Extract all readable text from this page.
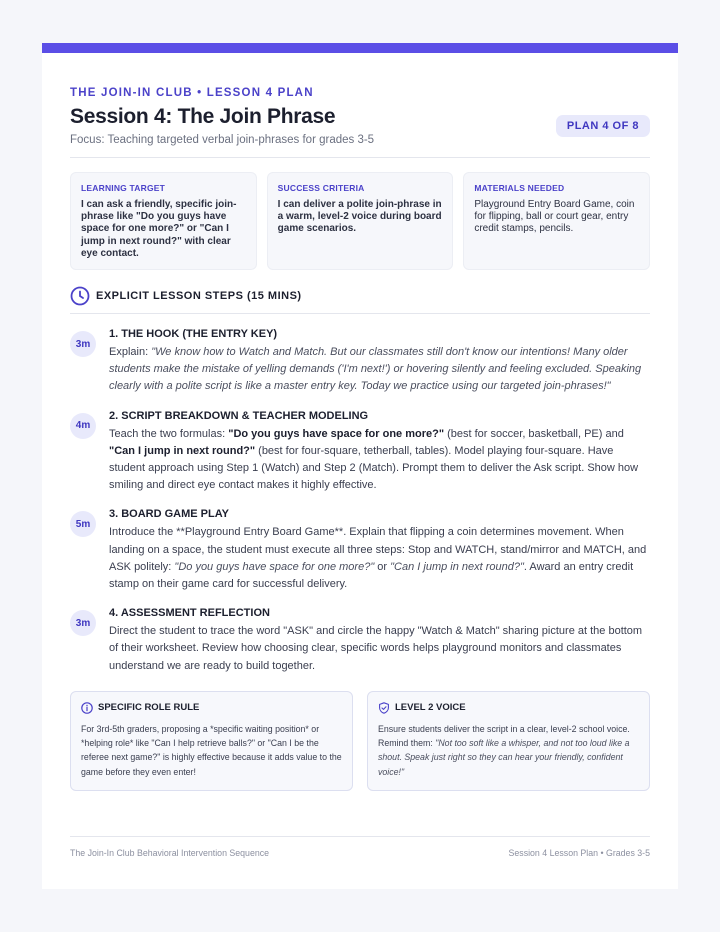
THE JOIN-IN CLUB • LESSON 4 PLAN
PLAN 4 OF 8
Session 4: The Join Phrase
Focus: Teaching targeted verbal join-phrases for grades 3-5
LEARNING TARGET
I can ask a friendly, specific join-phrase like "Do you guys have space for one more?" or "Can I jump in next round?" with clear eye contact.
SUCCESS CRITERIA
I can deliver a polite join-phrase in a warm, level-2 voice during board game scenarios.
MATERIALS NEEDED
Playground Entry Board Game, coin for flipping, ball or court gear, entry credit stamps, pencils.
EXPLICIT LESSON STEPS (15 MINS)
3m
1. THE HOOK (THE ENTRY KEY)
Explain: "We know how to Watch and Match. But our classmates still don't know our intentions! Many older students make the mistake of yelling demands ('I'm next!') or hovering silently and feeling excluded. Speaking clearly with a polite script is like a master entry key. Today we practice using our targeted join-phrases!"
4m
2. SCRIPT BREAKDOWN & TEACHER MODELING
Teach the two formulas: "Do you guys have space for one more?" (best for soccer, basketball, PE) and "Can I jump in next round?" (best for four-square, tetherball, tables). Model playing four-square. Have student approach using Step 1 (Watch) and Step 2 (Match). Prompt them to deliver the Ask script. Show how smiling and direct eye contact makes it highly effective.
5m
3. BOARD GAME PLAY
Introduce the **Playground Entry Board Game**. Explain that flipping a coin determines movement. When landing on a space, the student must execute all three steps: Stop and WATCH, stand/mirror and MATCH, and ASK politely: "Do you guys have space for one more?" or "Can I jump in next round?". Award an entry credit stamp on their game card for successful delivery.
3m
4. ASSESSMENT REFLECTION
Direct the student to trace the word "ASK" and circle the happy "Watch & Match" sharing picture at the bottom of their worksheet. Review how choosing clear, specific words helps playground monitors and classmates understand we are ready to build together.
SPECIFIC ROLE RULE
For 3rd-5th graders, proposing a *specific waiting position* or *helping role* like "Can I help retrieve balls?" or "Can I be the referee next game?" is highly effective because it adds value to the game before they even enter!
LEVEL 2 VOICE
Ensure students deliver the script in a clear, level-2 school voice. Remind them: "Not too soft like a whisper, and not too loud like a shout. Speak just right so they can hear your friendly, confident voice!"
The Join-In Club Behavioral Intervention Sequence	Session 4 Lesson Plan • Grades 3-5
